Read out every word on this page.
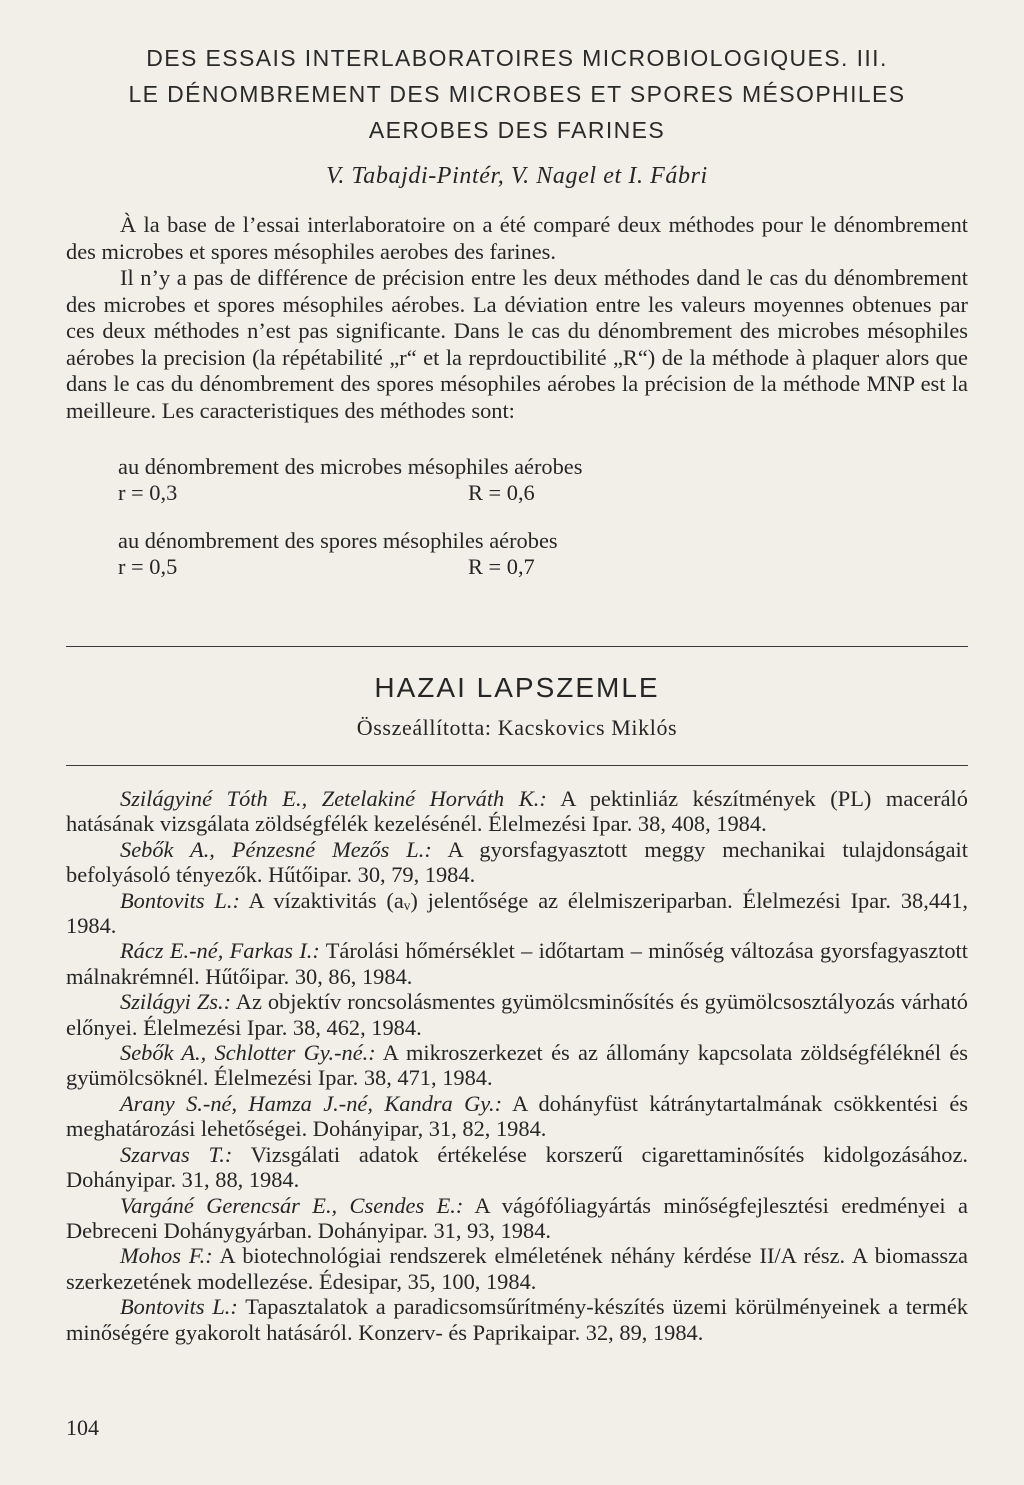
DES ESSAIS INTERLABORATOIRES MICROBIOLOGIQUES. III.
LE DÉNOMBREMENT DES MICROBES ET SPORES MÉSOPHILES
AEROBES DES FARINES
V. Tabajdi-Pintér, V. Nagel et I. Fábri

À la base de l’essai interlaboratoire on a été comparé deux méthodes pour le dénombrement des microbes et spores mésophiles aerobes des farines.

Il n’y a pas de différence de précision entre les deux méthodes dand le cas du dénombrement des microbes et spores mésophiles aérobes. La déviation entre les valeurs moyennes obtenues par ces deux méthodes n’est pas significante. Dans le cas du dénombrement des microbes mésophiles aérobes la precision (la répétabilité „r“ et la reprdouctibilité „R“) de la méthode à plaquer alors que dans le cas du dénombrement des spores mésophiles aérobes la précision de la méthode MNP est la meilleure. Les caracteristiques des méthodes sont:

au dénombrement des microbes mésophiles aérobes
r = 0,3	R = 0,6
au dénombrement des spores mésophiles aérobes
r = 0,5	R = 0,7
HAZAI LAPSZEMLE
Összeállította: Kacskovics Miklós

Szilágyiné Tóth E., Zetelakiné Horváth K.: A pektinliáz készítmények (PL) maceráló hatásának vizsgálata zöldségfélék kezelésénél. Élelmezési Ipar. 38, 408, 1984.

Sebők A., Pénzesné Mezős L.: A gyorsfagyasztott meggy mechanikai tulajdonságait befolyásoló tényezők. Hűtőipar. 30, 79, 1984.

Bontovits L.: A vízaktivitás (aᵥ) jelentősége az élelmiszeriparban. Élelmezési Ipar. 38,441, 1984.

Rácz E.-né, Farkas I.: Tárolási hőmérséklet – időtartam – minőség változása gyorsfagyasztott málnakrémnél. Hűtőipar. 30, 86, 1984.

Szilágyi Zs.: Az objektív roncsolásmentes gyümölcsminősítés és gyümölcsosztályozás várható előnyei. Élelmezési Ipar. 38, 462, 1984.

Sebők A., Schlotter Gy.-né.: A mikroszerkezet és az állomány kapcsolata zöldségféléknél és gyümölcsöknél. Élelmezési Ipar. 38, 471, 1984.

Arany S.-né, Hamza J.-né, Kandra Gy.: A dohányfüst kátránytartalmának csökkentési és meghatározási lehetőségei. Dohányipar, 31, 82, 1984.

Szarvas T.: Vizsgálati adatok értékelése korszerű cigarettaminősítés kidolgozásához. Dohányipar. 31, 88, 1984.

Vargáné Gerencsár E., Csendes E.: A vágófóliagyártás minőségfejlesztési eredményei a Debreceni Dohánygyárban. Dohányipar. 31, 93, 1984.

Mohos F.: A biotechnológiai rendszerek elméletének néhány kérdése II/A rész. A biomassza szerkezetének modellezése. Édesipar, 35, 100, 1984.

Bontovits L.: Tapasztalatok a paradicsomsűrítmény-készítés üzemi körülményeinek a termék minőségére gyakorolt hatásáról. Konzerv- és Paprikaipar. 32, 89, 1984.

104
